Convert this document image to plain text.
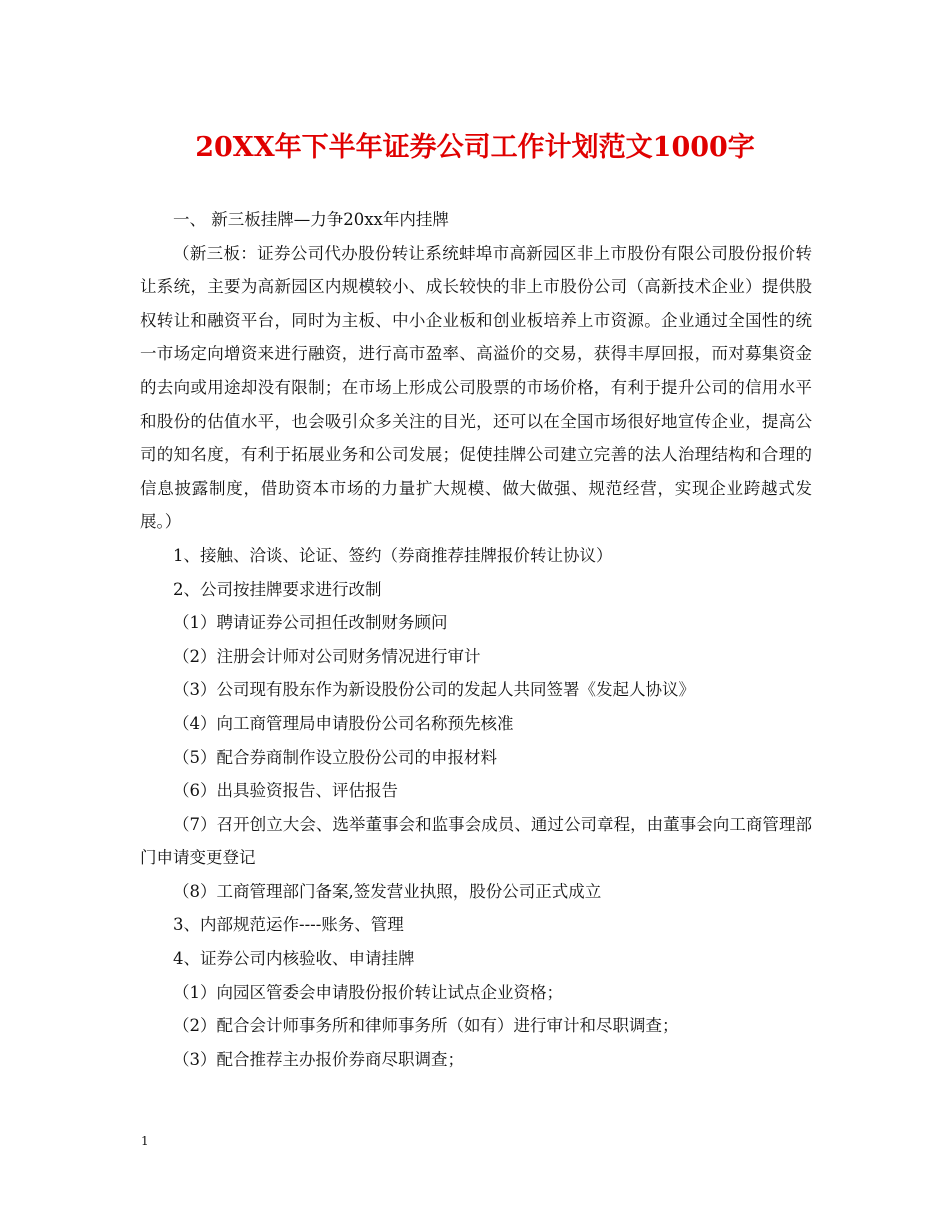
20XX年下半年证券公司工作计划范文1000字

一、 新三板挂牌—力争20xx年内挂牌

（新三板：证券公司代办股份转让系统蚌埠市高新园区非上市股份有限公司股份报价转让系统，主要为高新园区内规模较小、成长较快的非上市股份公司（高新技术企业）提供股权转让和融资平台，同时为主板、中小企业板和创业板培养上市资源。企业通过全国性的统一市场定向增资来进行融资，进行高市盈率、高溢价的交易，获得丰厚回报，而对募集资金的去向或用途却没有限制；在市场上形成公司股票的市场价格，有利于提升公司的信用水平和股份的估值水平，也会吸引众多关注的目光，还可以在全国市场很好地宣传企业，提高公司的知名度，有利于拓展业务和公司发展；促使挂牌公司建立完善的法人治理结构和合理的信息披露制度，借助资本市场的力量扩大规模、做大做强、规范经营，实现企业跨越式发展。）

1、接触、洽谈、论证、签约（券商推荐挂牌报价转让协议）

2、公司按挂牌要求进行改制

（1）聘请证券公司担任改制财务顾问

（2）注册会计师对公司财务情况进行审计

（3）公司现有股东作为新设股份公司的发起人共同签署《发起人协议》

（4）向工商管理局申请股份公司名称预先核准

（5）配合券商制作设立股份公司的申报材料

（6）出具验资报告、评估报告

（7）召开创立大会、选举董事会和监事会成员、通过公司章程，由董事会向工商管理部门申请变更登记

（8）工商管理部门备案,签发营业执照，股份公司正式成立

3、内部规范运作----账务、管理

4、证券公司内核验收、申请挂牌

（1）向园区管委会申请股份报价转让试点企业资格；

（2）配合会计师事务所和律师事务所（如有）进行审计和尽职调查；

（3）配合推荐主办报价券商尽职调查；

1
